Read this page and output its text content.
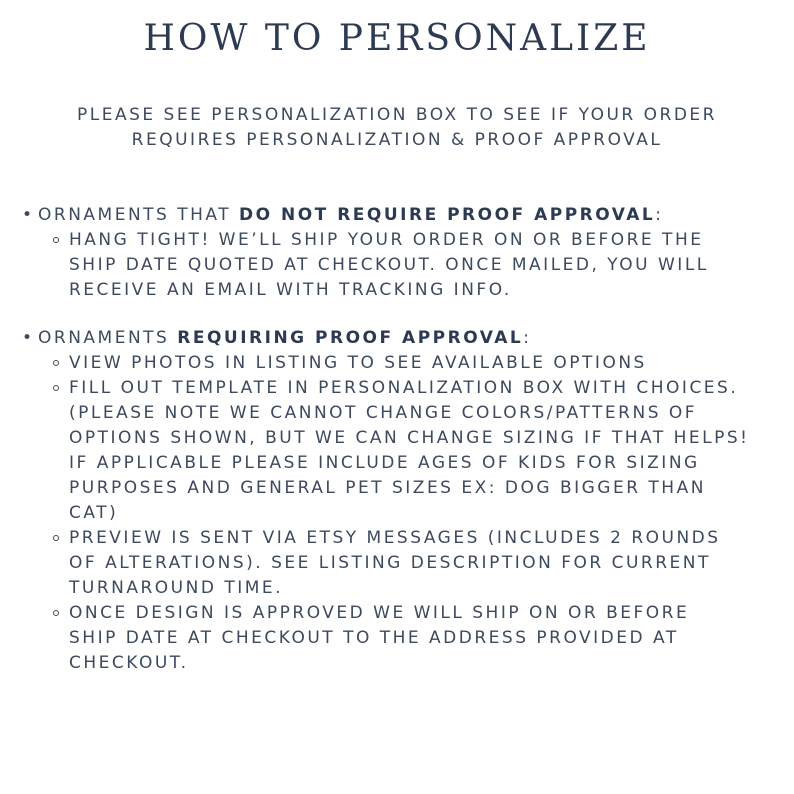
HOW TO PERSONALIZE
PLEASE SEE PERSONALIZATION BOX TO SEE IF YOUR ORDER
REQUIRES PERSONALIZATION & PROOF APPROVAL
• ORNAMENTS THAT DO NOT REQUIRE PROOF APPROVAL:
HANG TIGHT! WE’LL SHIP YOUR ORDER ON OR BEFORE THE
SHIP DATE QUOTED AT CHECKOUT. ONCE MAILED, YOU WILL
RECEIVE AN EMAIL WITH TRACKING INFO.
• ORNAMENTS REQUIRING PROOF APPROVAL:
VIEW PHOTOS IN LISTING TO SEE AVAILABLE OPTIONS
FILL OUT TEMPLATE IN PERSONALIZATION BOX WITH CHOICES.
(PLEASE NOTE WE CANNOT CHANGE COLORS/PATTERNS OF
OPTIONS SHOWN, BUT WE CAN CHANGE SIZING IF THAT HELPS!
IF APPLICABLE PLEASE INCLUDE AGES OF KIDS FOR SIZING
PURPOSES AND GENERAL PET SIZES EX: DOG BIGGER THAN
CAT)
PREVIEW IS SENT VIA ETSY MESSAGES (INCLUDES 2 ROUNDS
OF ALTERATIONS). SEE LISTING DESCRIPTION FOR CURRENT
TURNAROUND TIME.
ONCE DESIGN IS APPROVED WE WILL SHIP ON OR BEFORE
SHIP DATE AT CHECKOUT TO THE ADDRESS PROVIDED AT
CHECKOUT.
